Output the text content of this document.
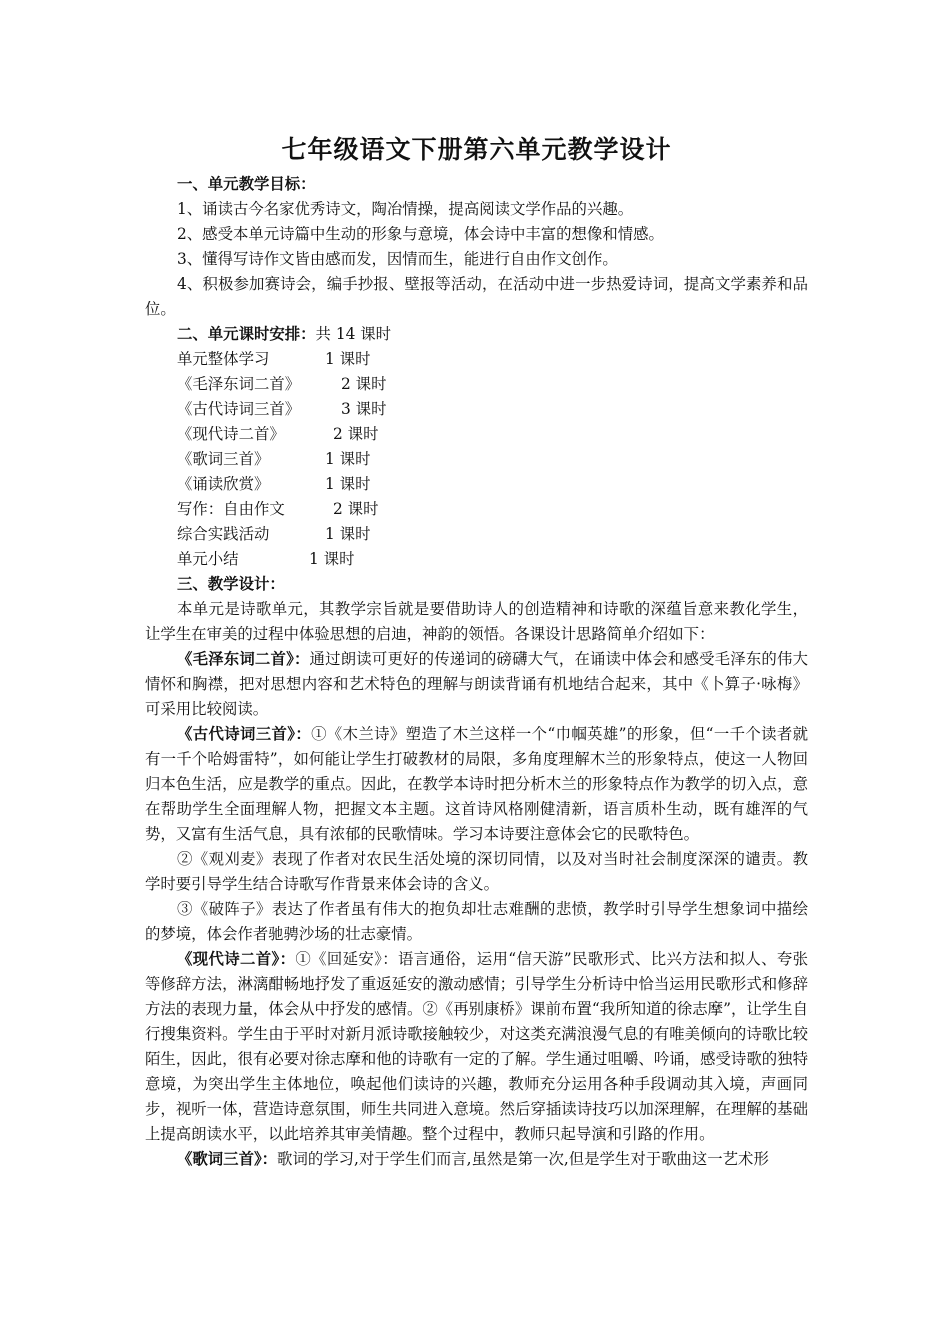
七年级语文下册第六单元教学设计
一、单元教学目标：
1、诵读古今名家优秀诗文，陶冶情操，提高阅读文学作品的兴趣。
2、感受本单元诗篇中生动的形象与意境，体会诗中丰富的想像和情感。
3、懂得写诗作文皆由感而发，因情而生，能进行自由作文创作。

4、积极参加赛诗会，编手抄报、壁报等活动，在活动中进一步热爱诗词，提高文学素养和品位。

二、单元课时安排：共 14 课时
单元整体学习	1 课时
《毛泽东词二首》	2 课时
《古代诗词三首》	3 课时
《现代诗二首》	2 课时
《歌词三首》	1 课时
《诵读欣赏》	1 课时
写作：自由作文	2 课时
综合实践活动	1 课时
单元小结	1 课时
三、教学设计：

本单元是诗歌单元，其教学宗旨就是要借助诗人的创造精神和诗歌的深蕴旨意来教化学生，让学生在审美的过程中体验思想的启迪，神韵的领悟。各课设计思路简单介绍如下：

《毛泽东词二首》：通过朗读可更好的传递词的磅礴大气，在诵读中体会和感受毛泽东的伟大情怀和胸襟，把对思想内容和艺术特色的理解与朗读背诵有机地结合起来，其中《卜算子·咏梅》可采用比较阅读。

《古代诗词三首》：①《木兰诗》塑造了木兰这样一个“巾帼英雄”的形象，但“一千个读者就有一千个哈姆雷特”，如何能让学生打破教材的局限，多角度理解木兰的形象特点，使这一人物回归本色生活，应是教学的重点。因此，在教学本诗时把分析木兰的形象特点作为教学的切入点，意在帮助学生全面理解人物，把握文本主题。这首诗风格刚健清新，语言质朴生动，既有雄浑的气势，又富有生活气息，具有浓郁的民歌情味。学习本诗要注意体会它的民歌特色。

②《观刈麦》表现了作者对农民生活处境的深切同情，以及对当时社会制度深深的谴责。教学时要引导学生结合诗歌写作背景来体会诗的含义。

③《破阵子》表达了作者虽有伟大的抱负却壮志难酬的悲愤，教学时引导学生想象词中描绘的梦境，体会作者驰骋沙场的壮志豪情。

《现代诗二首》：①《回延安》：语言通俗，运用“信天游”民歌形式、比兴方法和拟人、夸张等修辞方法，淋漓酣畅地抒发了重返延安的激动感情；引导学生分析诗中恰当运用民歌形式和修辞方法的表现力量，体会从中抒发的感情。②《再别康桥》课前布置“我所知道的徐志摩”，让学生自行搜集资料。学生由于平时对新月派诗歌接触较少，对这类充满浪漫气息的有唯美倾向的诗歌比较陌生，因此，很有必要对徐志摩和他的诗歌有一定的了解。学生通过咀嚼、吟诵，感受诗歌的独特意境，为突出学生主体地位，唤起他们读诗的兴趣，教师充分运用各种手段调动其入境，声画同步，视听一体，营造诗意氛围，师生共同进入意境。然后穿插读诗技巧以加深理解，在理解的基础上提高朗读水平，以此培养其审美情趣。整个过程中，教师只起导演和引路的作用。

《歌词三首》：歌词的学习,对于学生们而言,虽然是第一次,但是学生对于歌曲这一艺术形
